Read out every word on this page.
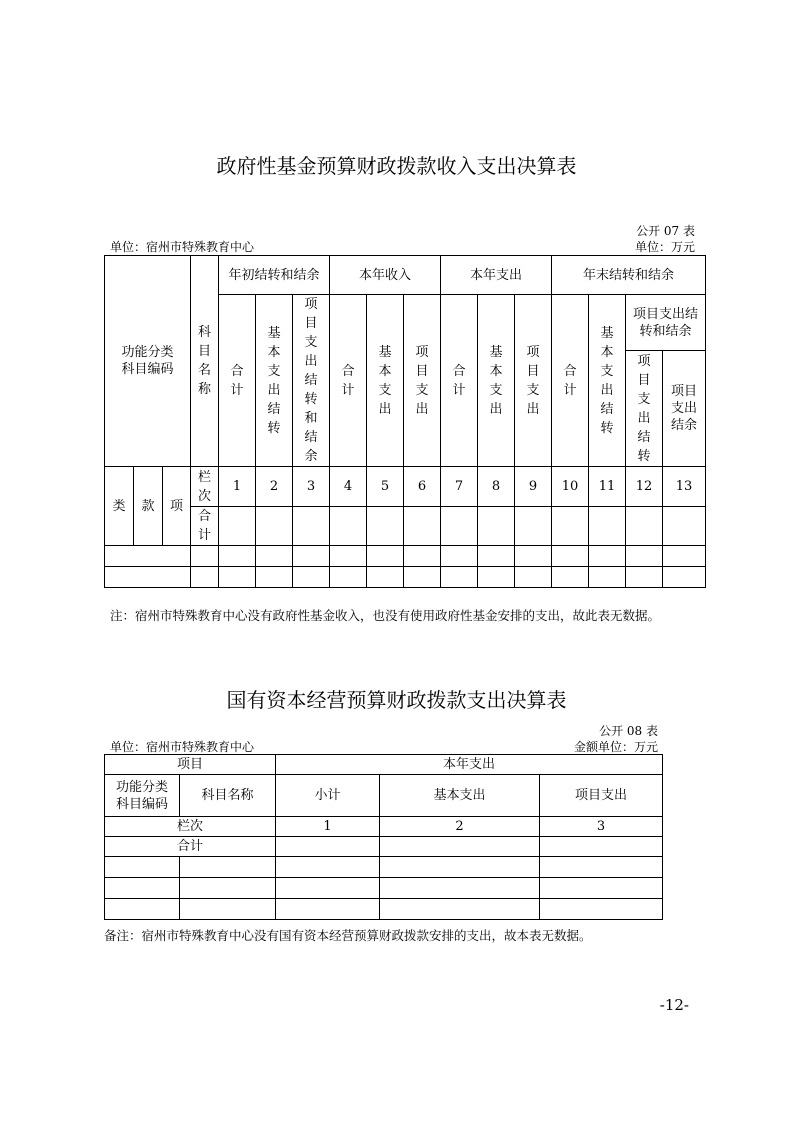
政府性基金预算财政拨款收入支出决算表
公开 07 表
单位：宿州市特殊教育中心	单位：万元
功能分类科目编码			科目名称	年初结转和结余			本年收入			本年支出			年末结转和结余			
				合计	基本支出结转	项目支出结转和结余	合计	基本支出	项目支出	合计	基本支出	项目支出	合计	基本支出结转	项目支出结转和结余	

															项目支出结转	项目支出结余

类	款	项	栏次	1	2	3	4	5	6	7	8	9	10	11	12	13
			合计													

注：宿州市特殊教育中心没有政府性基金收入，也没有使用政府性基金安排的支出，故此表无数据。
国有资本经营预算财政拨款支出决算表
公开 08 表
单位：宿州市特殊教育中心	金额单位：万元
项目		本年支出		

功能分类科目编码	科目名称	小计	基本支出	项目支出
栏次		1	2	3
合计				

备注：宿州市特殊教育中心没有国有资本经营预算财政拨款安排的支出，故本表无数据。
-12-
